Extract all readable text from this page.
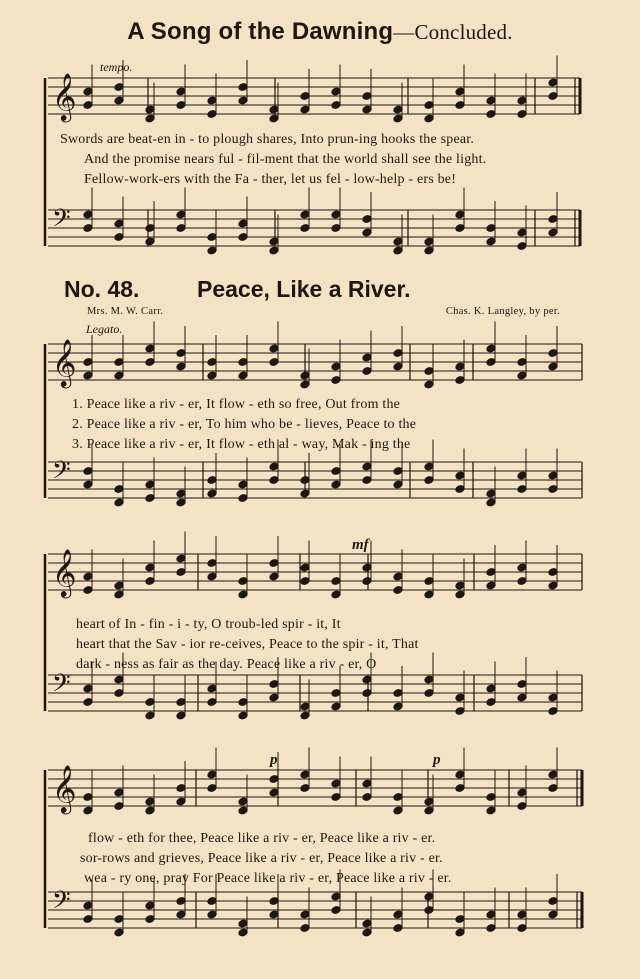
A Song of the Dawning—Concluded.
tempo.
𝄞
𝄢
Swords are beat-en in - to plough shares, Into prun-ing hooks the spear.
And the promise nears ful - fil-ment that the world shall see the light.
Fellow-work-ers with the Fa - ther, let us fel - low-help - ers be!
No. 48.	Peace, Like a River.
Mrs. M. W. Carr.	Chas. K. Langley, by per.
Legato.
𝄞
𝄢
1. Peace like a riv - er, It flow - eth so free, Out from the
2. Peace like a riv - er, To him who be - lieves, Peace to the
3. Peace like a riv - er, It flow - eth al - way, Mak - ing the
mf
𝄞
𝄢
heart of In - fin - i - ty, O troub-led spir - it, It
heart that the Sav - ior re-ceives, Peace to the spir - it, That
dark - ness as fair as the day. Peace like a riv - er, O
p	p
𝄞
𝄢
flow - eth for thee, Peace like a riv - er, Peace like a riv - er.
sor-rows and grieves, Peace like a riv - er, Peace like a riv - er.
wea - ry one, pray For Peace like a riv - er, Peace like a riv - er.
